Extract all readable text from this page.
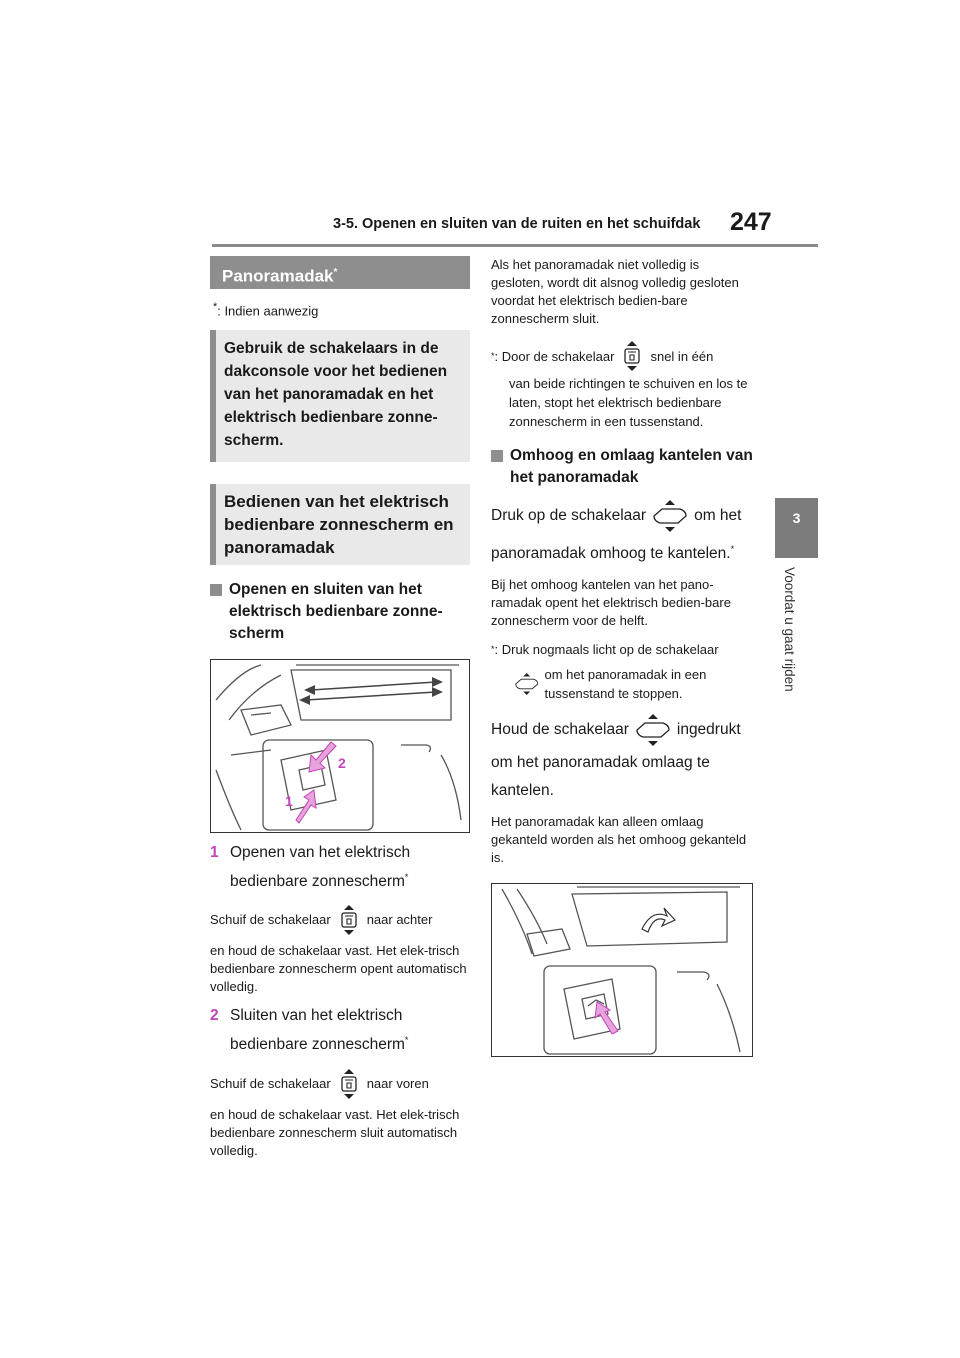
3-5. Openen en sluiten van de ruiten en het schuifdak 247
3
Voordat u gaat rijden
Panoramadak*
*: Indien aanwezig
Gebruik de schakelaars in de dakconsole voor het bedienen van het panoramadak en het elektrisch bedienbare zonne-scherm.
Bedienen van het elektrisch bedienbare zonnescherm en panoramadak
Openen en sluiten van het elektrisch bedienbare zonne-scherm
2
1
1 Openen van het elektrisch bedienbare zonnescherm*
Schuif de schakelaar	naar achter
en houd de schakelaar vast. Het elek-trisch bedienbare zonnescherm opent automatisch volledig.
2 Sluiten van het elektrisch bedienbare zonnescherm*
Schuif de schakelaar	naar voren
en houd de schakelaar vast. Het elek-trisch bedienbare zonnescherm sluit automatisch volledig.
Als het panoramadak niet volledig is gesloten, wordt dit alsnog volledig gesloten voordat het elektrisch bedien-bare zonnescherm sluit.
* : Door de schakelaar	snel in één
van beide richtingen te schuiven en los te laten, stopt het elektrisch bedienbare zonnescherm in een tussenstand.
Omhoog en omlaag kantelen van het panoramadak
Druk op de schakelaar	om het
panoramadak omhoog te kantelen.*
Bij het omhoog kantelen van het pano-ramadak opent het elektrisch bedien-bare zonnescherm voor de helft.
*: Druk nogmaals licht op de schakelaar
om het panoramadak in een tussenstand te stoppen.
Houd de schakelaar	ingedrukt
om het panoramadak omlaag te kantelen.
Het panoramadak kan alleen omlaag gekanteld worden als het omhoog gekanteld is.
